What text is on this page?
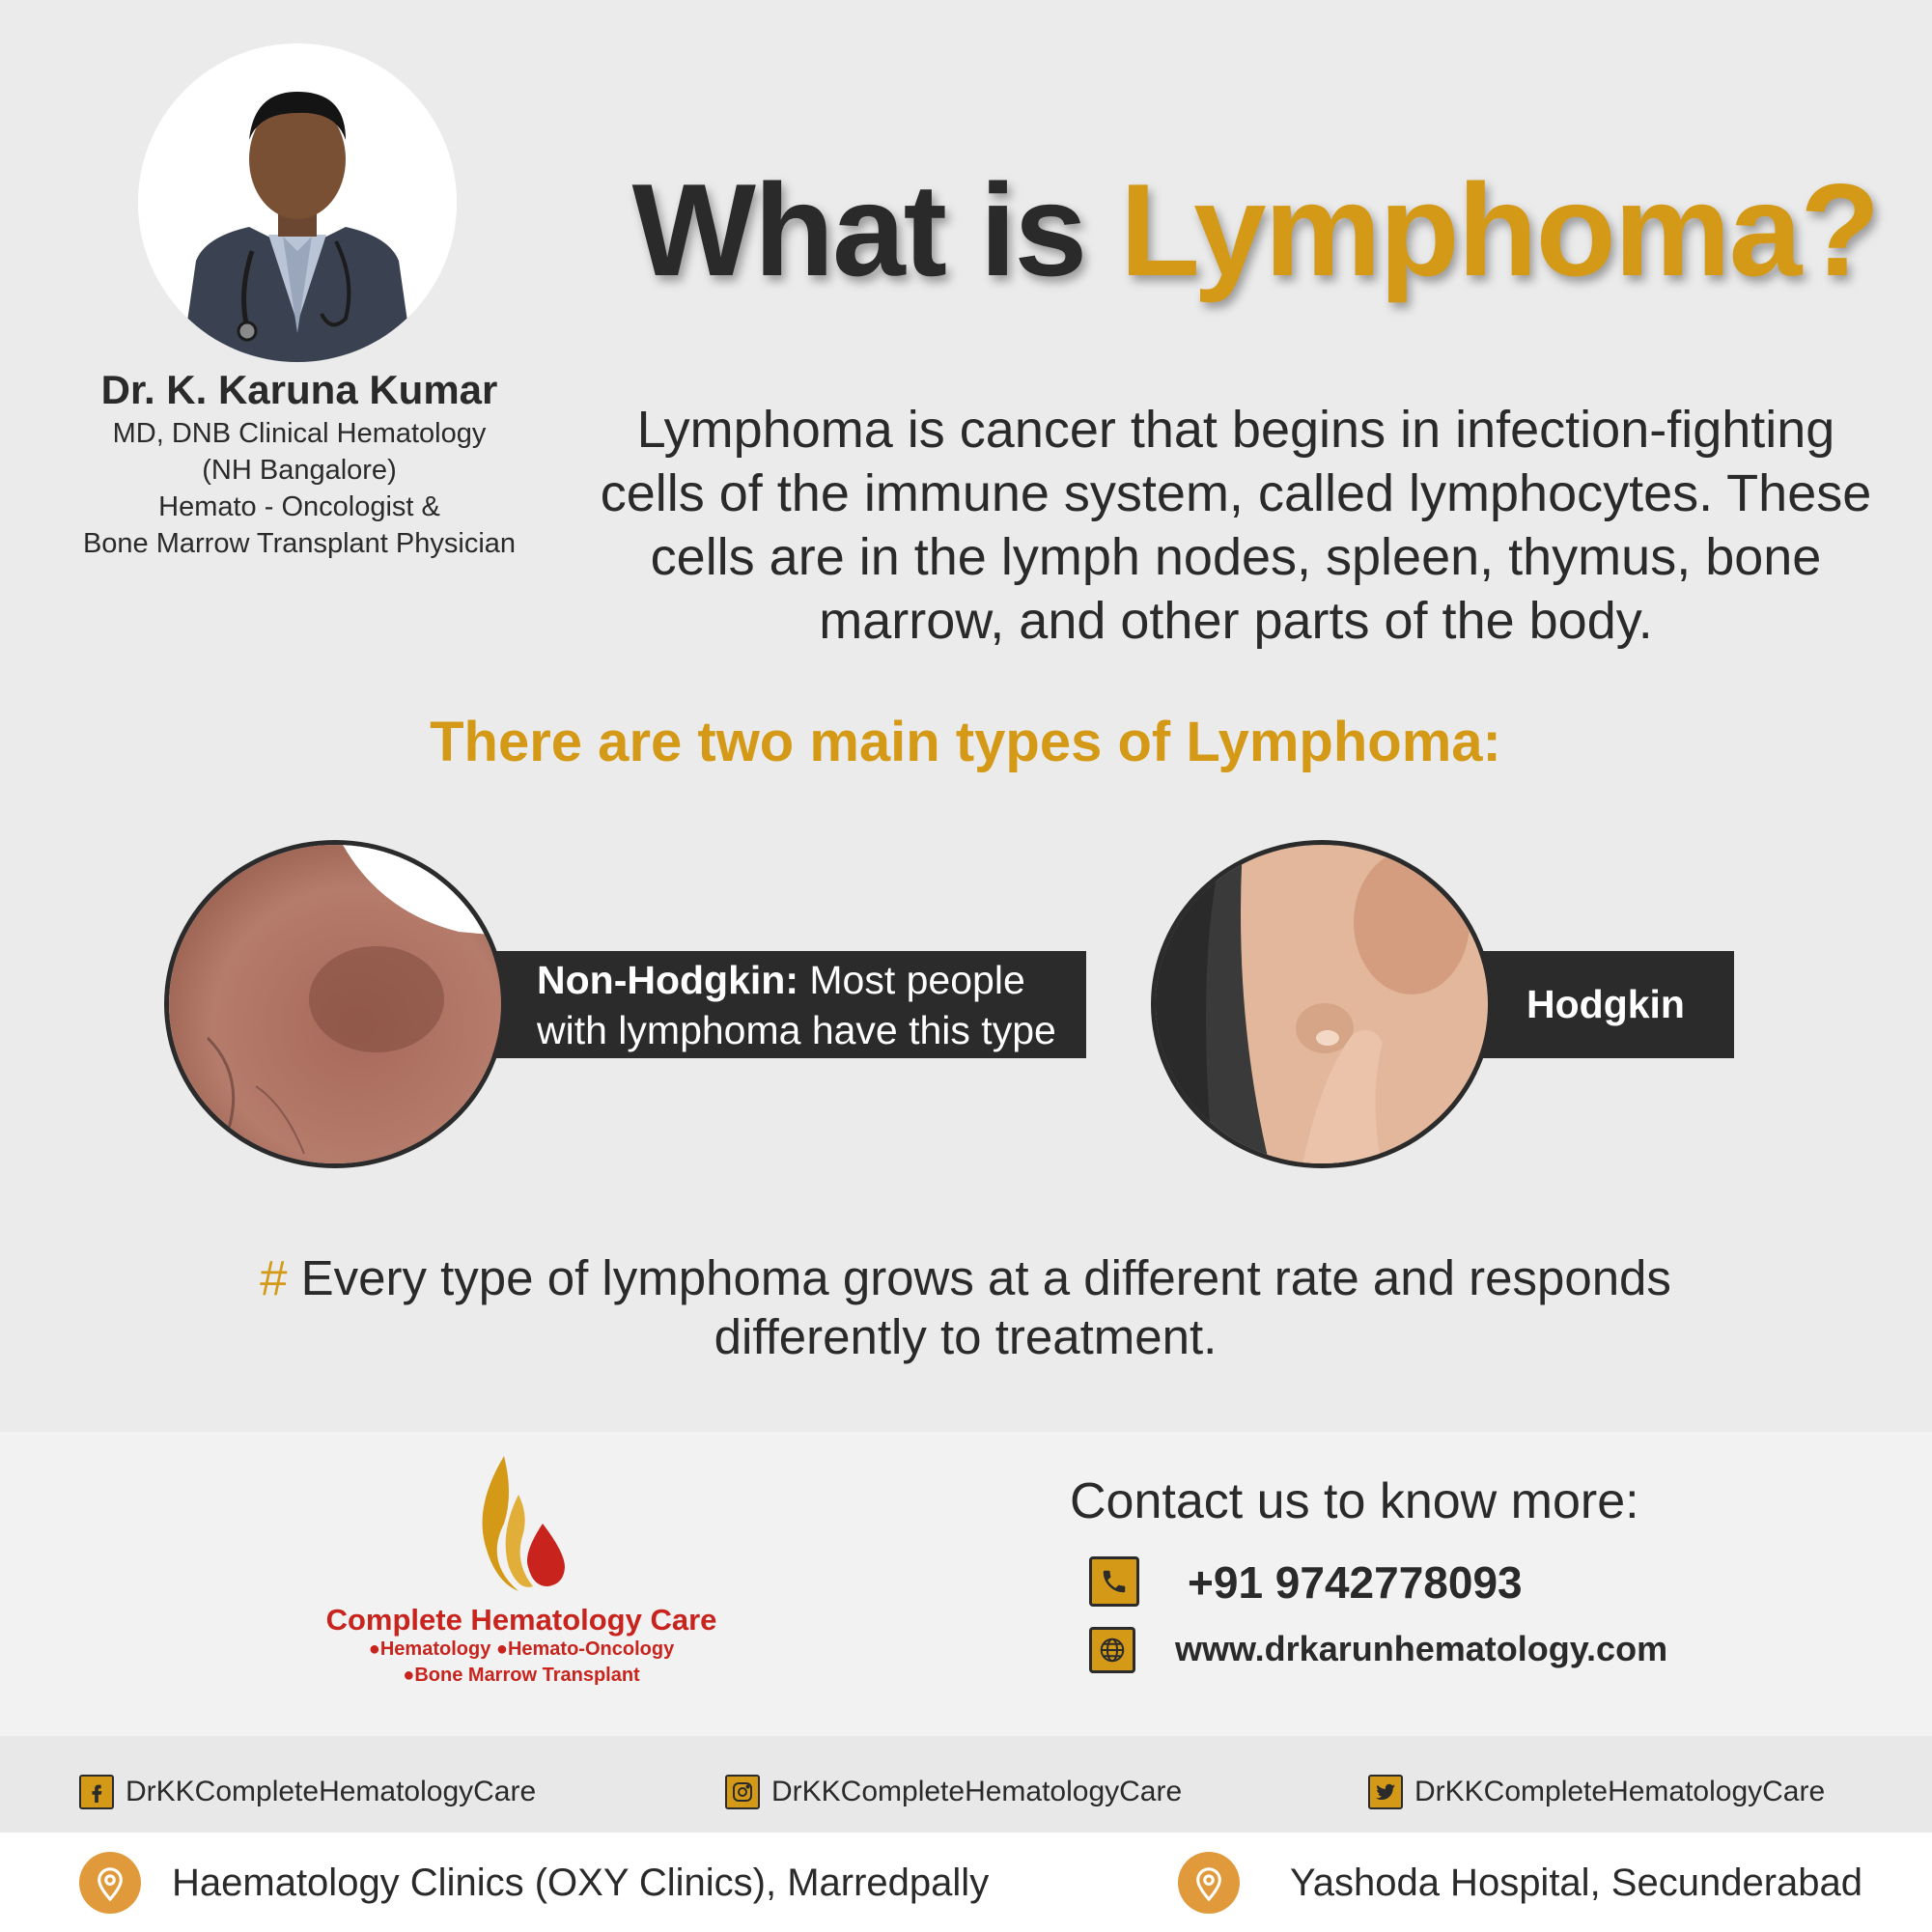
Dr. K. Karuna Kumar
MD, DNB Clinical Hematology
(NH Bangalore)
Hemato - Oncologist &
Bone Marrow Transplant Physician
What is Lymphoma?
Lymphoma is cancer that begins in infection-fighting cells of the immune system, called lymphocytes. These cells are in the lymph nodes, spleen, thymus, bone marrow, and other parts of the body.
There are two main types of Lymphoma:
Non-Hodgkin: Most people with lymphoma have this type
Hodgkin
# Every type of lymphoma grows at a different rate and responds differently to treatment.
Complete Hematology Care
●Hematology ●Hemato-Oncology
●Bone Marrow Transplant
Contact us to know more:
+91 9742778093
www.drkarunhematology.com
DrKKCompleteHematologyCare	DrKKCompleteHematologyCare	DrKKCompleteHematologyCare
Haematology Clinics (OXY Clinics), Marredpally	Yashoda Hospital, Secunderabad
